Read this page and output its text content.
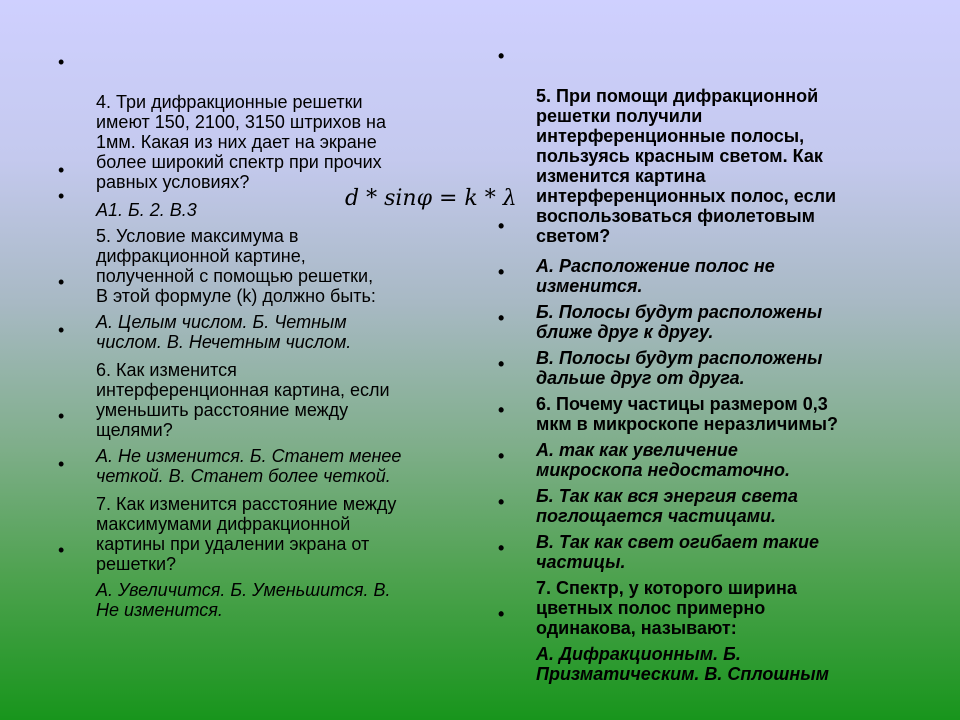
•

4. Три дифракционные решетки
имеют 150, 2100, 3150 штрихов на
1мм. Какая из них дает на экране
более широкий спектр при прочих
равных условиях?

•

А1. Б. 2. В.3

•

5. Условие максимума в
дифракционной картине,
полученной с помощью решетки,
В этой формуле (k) должно быть:

•

А. Целым числом. Б. Четным
числом. В. Нечетным числом.

•

6. Как изменится
интерференционная картина, если
уменьшить расстояние между
щелями?

•

А. Не изменится. Б. Станет менее
четкой. В. Станет более четкой.

•

7. Как изменится расстояние между
максимумами дифракционной
картины при удалении экрана от
решетки?

•

А. Увеличится. Б. Уменьшится. В.
Не изменится.

d * sinφ = k * λ

•

5. При помощи дифракционной
решетки получили
интерференционные полосы,
пользуясь красным светом. Как
изменится картина
интерференционных полос, если
воспользоваться фиолетовым
светом?

•

А. Расположение полос не
изменится.

•

Б. Полосы будут расположены
ближе друг к другу.

•

В. Полосы будут расположены
дальше друг от друга.

•

6. Почему частицы размером 0,3
мкм в микроскопе неразличимы?

•

А. так как увеличение
микроскопа недостаточно.

•

Б. Так как вся энергия света
поглощается частицами.

•

В. Так как свет огибает такие
частицы.

•

7. Спектр, у которого ширина
цветных полос примерно
одинакова, называют:

•

А. Дифракционным. Б.
Призматическим. В. Сплошным
